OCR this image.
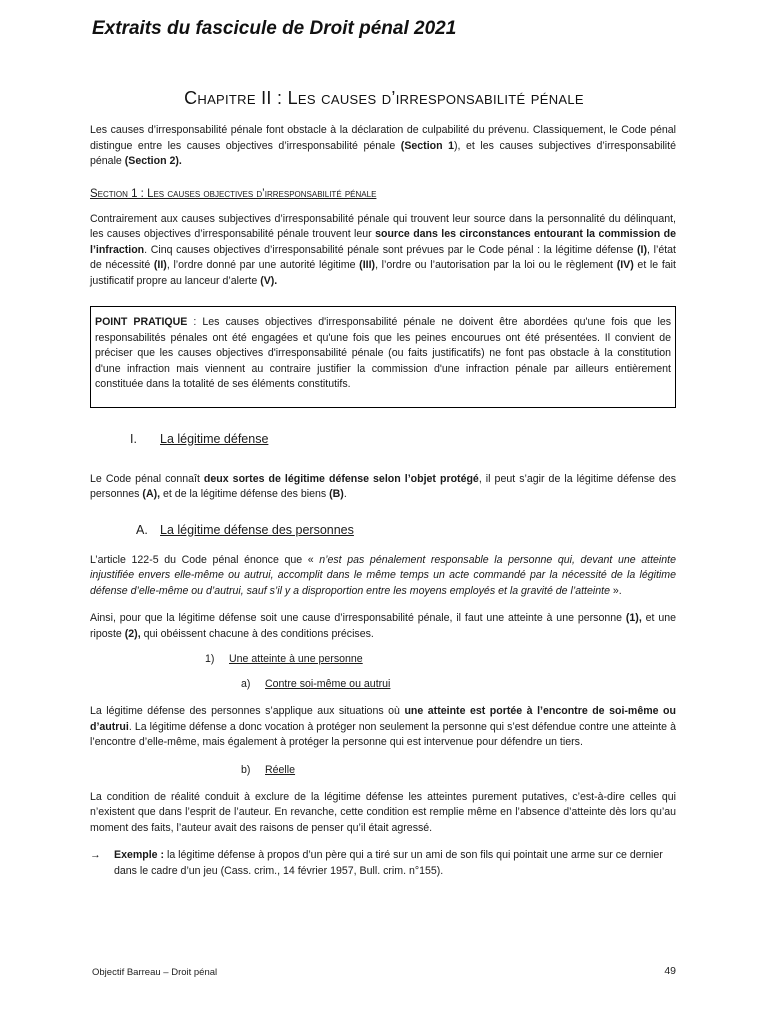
Extraits du fascicule de Droit pénal 2021
Chapitre II : Les causes d’irresponsabilité pénale

Les causes d’irresponsabilité pénale font obstacle à la déclaration de culpabilité du prévenu. Classiquement, le Code pénal distingue entre les causes objectives d’irresponsabilité pénale (Section 1), et les causes subjectives d’irresponsabilité pénale (Section 2).

Section 1 : Les causes objectives d’irresponsabilité pénale

Contrairement aux causes subjectives d’irresponsabilité pénale qui trouvent leur source dans la personnalité du délinquant, les causes objectives d’irresponsabilité pénale trouvent leur source dans les circonstances entourant la commission de l’infraction. Cinq causes objectives d’irresponsabilité pénale sont prévues par le Code pénal : la légitime défense (I), l’état de nécessité (II), l’ordre donné par une autorité légitime (III), l’ordre ou l’autorisation par la loi ou le règlement (IV) et le fait justificatif propre au lanceur d’alerte (V).

POINT PRATIQUE : Les causes objectives d'irresponsabilité pénale ne doivent être abordées qu'une fois que les responsabilités pénales ont été engagées et qu'une fois que les peines encourues ont été présentées. Il convient de préciser que les causes objectives d'irresponsabilité pénale (ou faits justificatifs) ne font pas obstacle à la constitution d'une infraction mais viennent au contraire justifier la commission d'une infraction pénale par ailleurs entièrement constituée dans la totalité de ses éléments constitutifs.

I.	La légitime défense

Le Code pénal connaît deux sortes de légitime défense selon l’objet protégé, il peut s’agir de la légitime défense des personnes (A), et de la légitime défense des biens (B).

A. La légitime défense des personnes

L’article 122-5 du Code pénal énonce que « n’est pas pénalement responsable la personne qui, devant une atteinte injustifiée envers elle-même ou autrui, accomplit dans le même temps un acte commandé par la nécessité de la légitime défense d’elle-même ou d’autrui, sauf s’il y a disproportion entre les moyens employés et la gravité de l’atteinte ».

Ainsi, pour que la légitime défense soit une cause d’irresponsabilité pénale, il faut une atteinte à une personne (1), et une riposte (2), qui obéissent chacune à des conditions précises.

1)	Une atteinte à une personne
a)	Contre soi-même ou autrui

La légitime défense des personnes s’applique aux situations où une atteinte est portée à l’encontre de soi-même ou d’autrui. La légitime défense a donc vocation à protéger non seulement la personne qui s’est défendue contre une atteinte à l’encontre d’elle-même, mais également à protéger la personne qui est intervenue pour défendre un tiers.

b)	Réelle

La condition de réalité conduit à exclure de la légitime défense les atteintes purement putatives, c’est-à-dire celles qui n’existent que dans l’esprit de l’auteur. En revanche, cette condition est remplie même en l’absence d’atteinte dès lors qu’au moment des faits, l’auteur avait des raisons de penser qu’il était agressé.

→	Exemple : la légitime défense à propos d’un père qui a tiré sur un ami de son fils qui pointait une arme sur ce dernier dans le cadre d’un jeu (Cass. crim., 14 février 1957, Bull. crim. n°155).
Objectif Barreau – Droit pénal	49
